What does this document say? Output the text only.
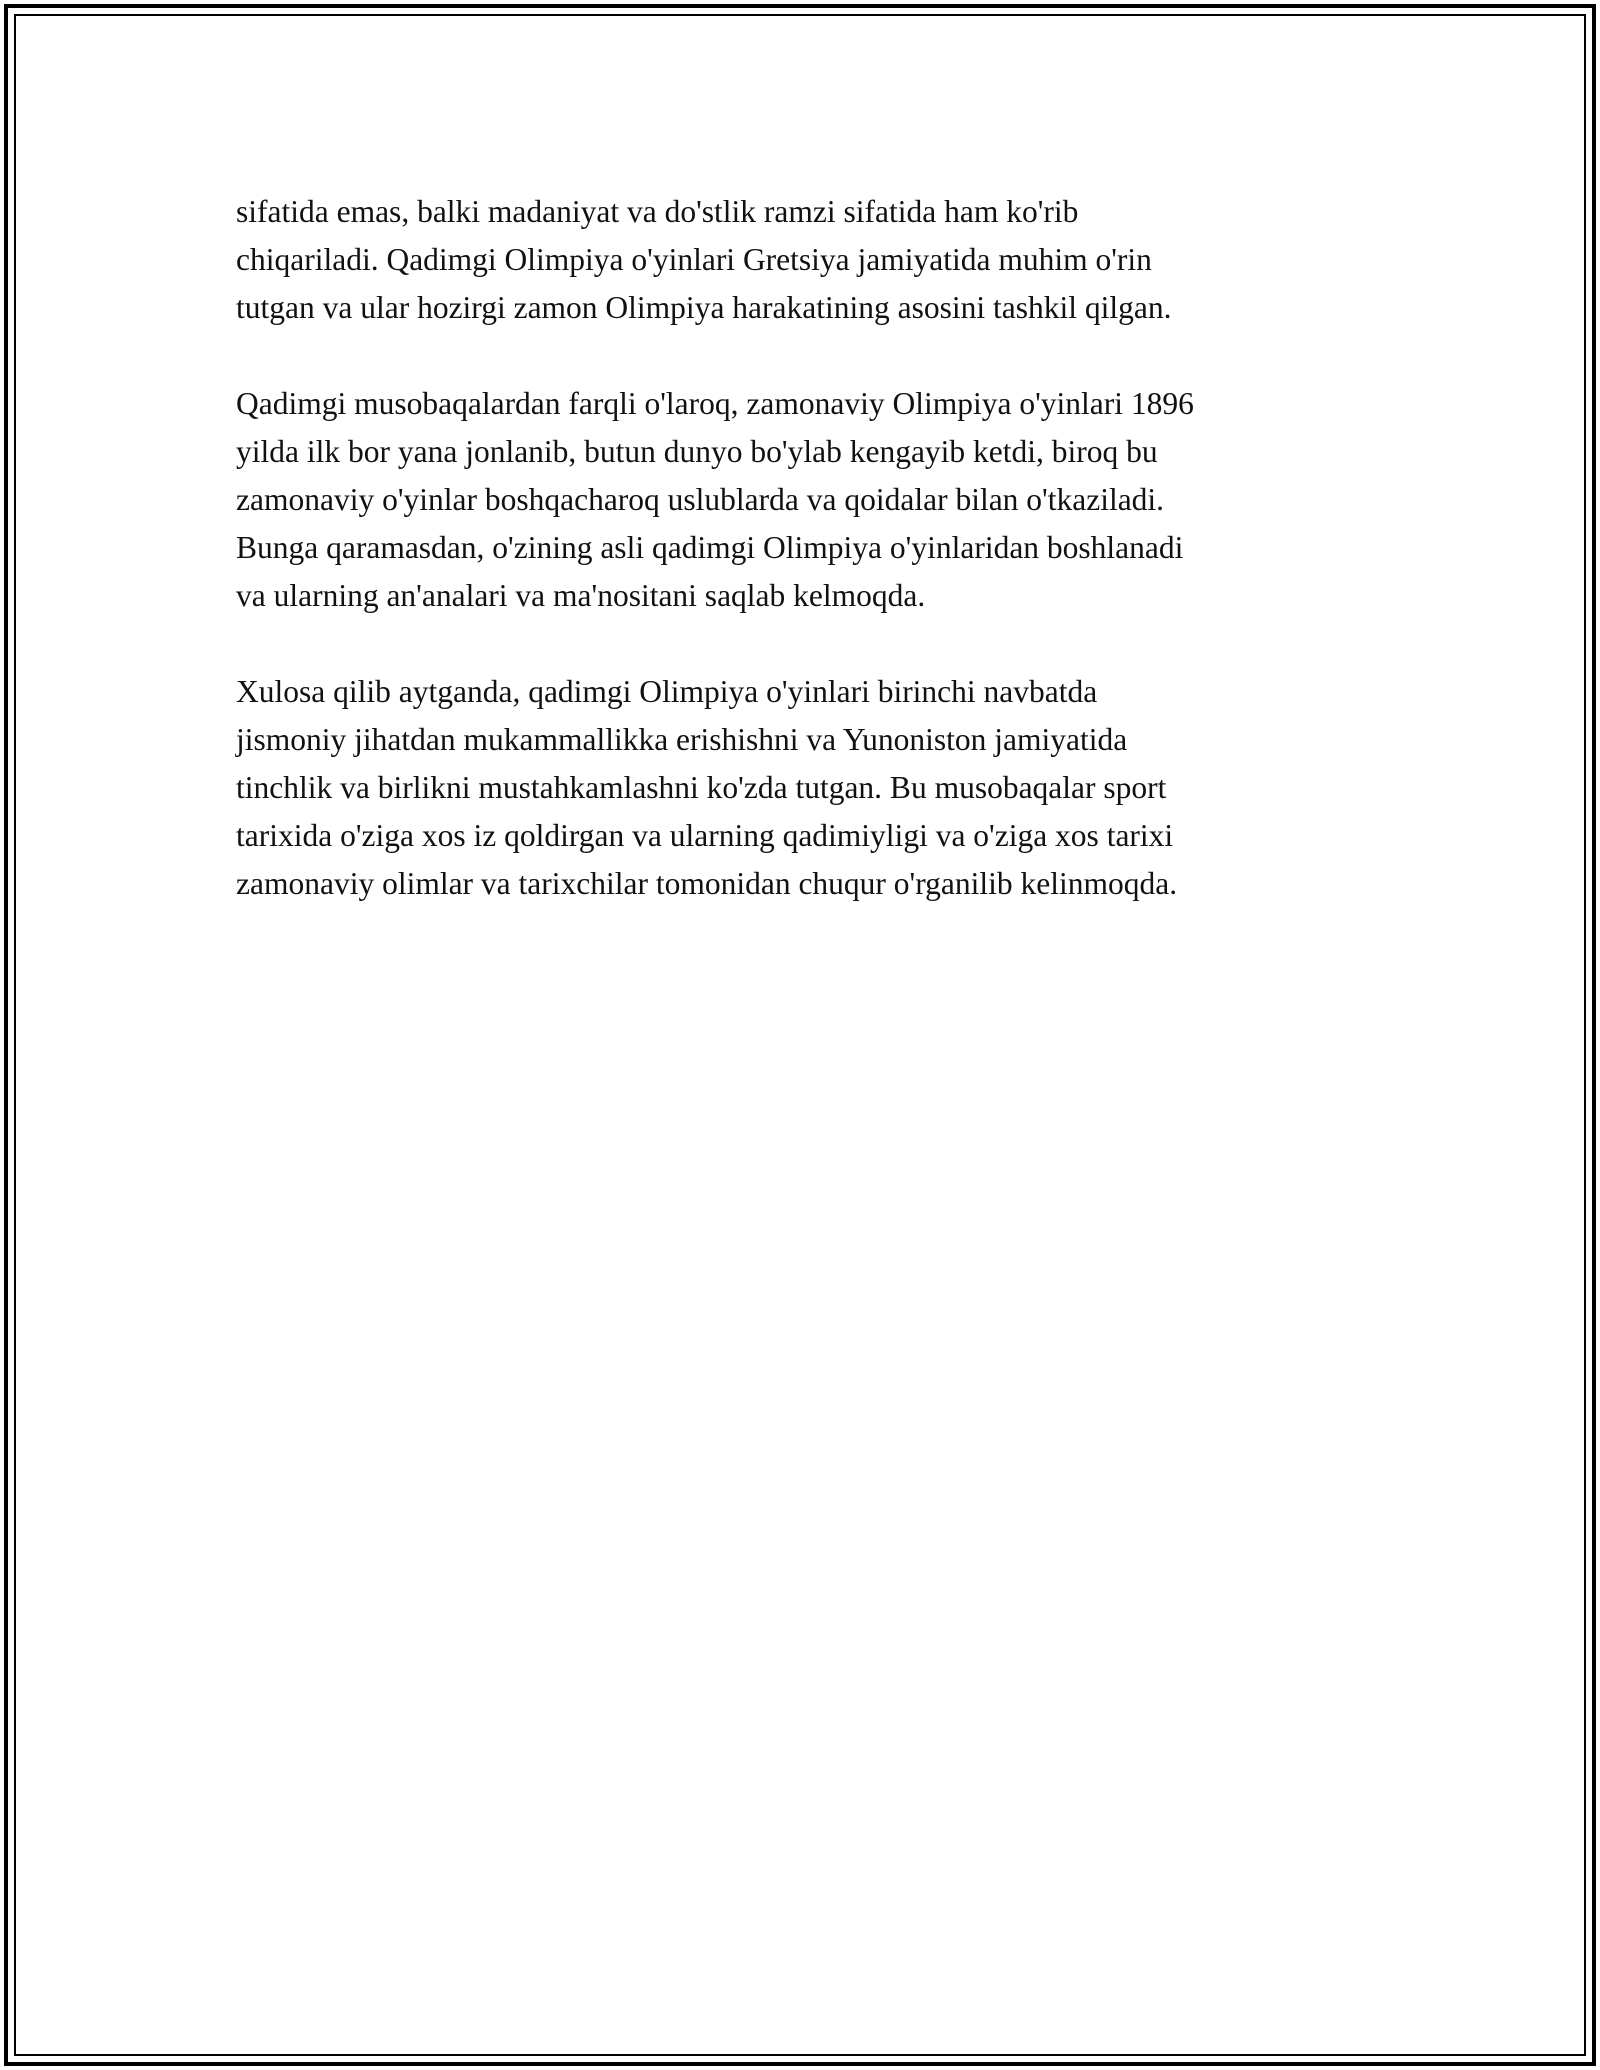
sifatida emas, balki madaniyat va do'stlik ramzi sifatida ham ko'rib
chiqariladi. Qadimgi Olimpiya o'yinlari Gretsiya jamiyatida muhim o'rin
tutgan va ular hozirgi zamon Olimpiya harakatining asosini tashkil qilgan.

Qadimgi musobaqalardan farqli o'laroq, zamonaviy Olimpiya o'yinlari 1896
yilda ilk bor yana jonlanib, butun dunyo bo'ylab kengayib ketdi, biroq bu
zamonaviy o'yinlar boshqacharoq uslublarda va qoidalar bilan o'tkaziladi.
Bunga qaramasdan, o'zining asli qadimgi Olimpiya o'yinlaridan boshlanadi
va ularning an'analari va ma'nositani saqlab kelmoqda.

Xulosa qilib aytganda, qadimgi Olimpiya o'yinlari birinchi navbatda
jismoniy jihatdan mukammallikka erishishni va Yunoniston jamiyatida
tinchlik va birlikni mustahkamlashni ko'zda tutgan. Bu musobaqalar sport
tarixida o'ziga xos iz qoldirgan va ularning qadimiyligi va o'ziga xos tarixi
zamonaviy olimlar va tarixchilar tomonidan chuqur o'rganilib kelinmoqda.
